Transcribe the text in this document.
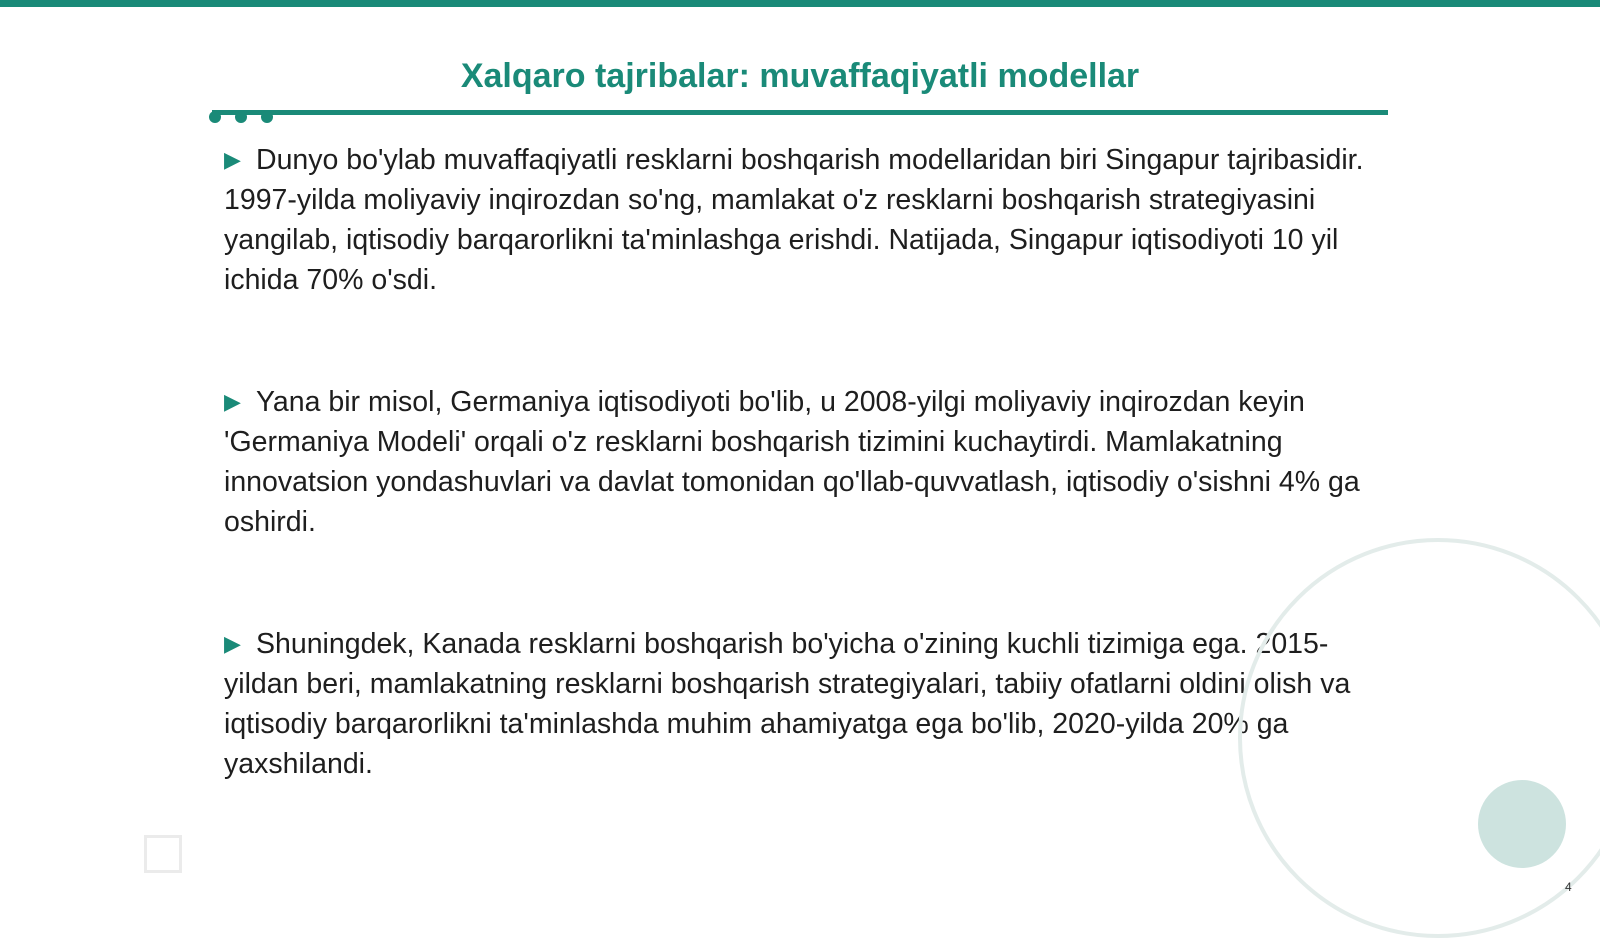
Xalqaro tajribalar: muvaffaqiyatli modellar

▶ Dunyo bo'ylab muvaffaqiyatli resklarni boshqarish modellaridan biri Singapur tajribasidir. 1997-yilda moliyaviy inqirozdan so'ng, mamlakat o'z resklarni boshqarish strategiyasini yangilab, iqtisodiy barqarorlikni ta'minlashga erishdi. Natijada, Singapur iqtisodiyoti 10 yil ichida 70% o'sdi.

▶ Yana bir misol, Germaniya iqtisodiyoti bo'lib, u 2008-yilgi moliyaviy inqirozdan keyin 'Germaniya Modeli' orqali o'z resklarni boshqarish tizimini kuchaytirdi. Mamlakatning innovatsion yondashuvlari va davlat tomonidan qo'llab-quvvatlash, iqtisodiy o'sishni 4% ga oshirdi.

▶ Shuningdek, Kanada resklarni boshqarish bo'yicha o'zining kuchli tizimiga ega. 2015-yildan beri, mamlakatning resklarni boshqarish strategiyalari, tabiiy ofatlarni oldini olish va iqtisodiy barqarorlikni ta'minlashda muhim ahamiyatga ega bo'lib, 2020-yilda 20% ga yaxshilandi.

4
